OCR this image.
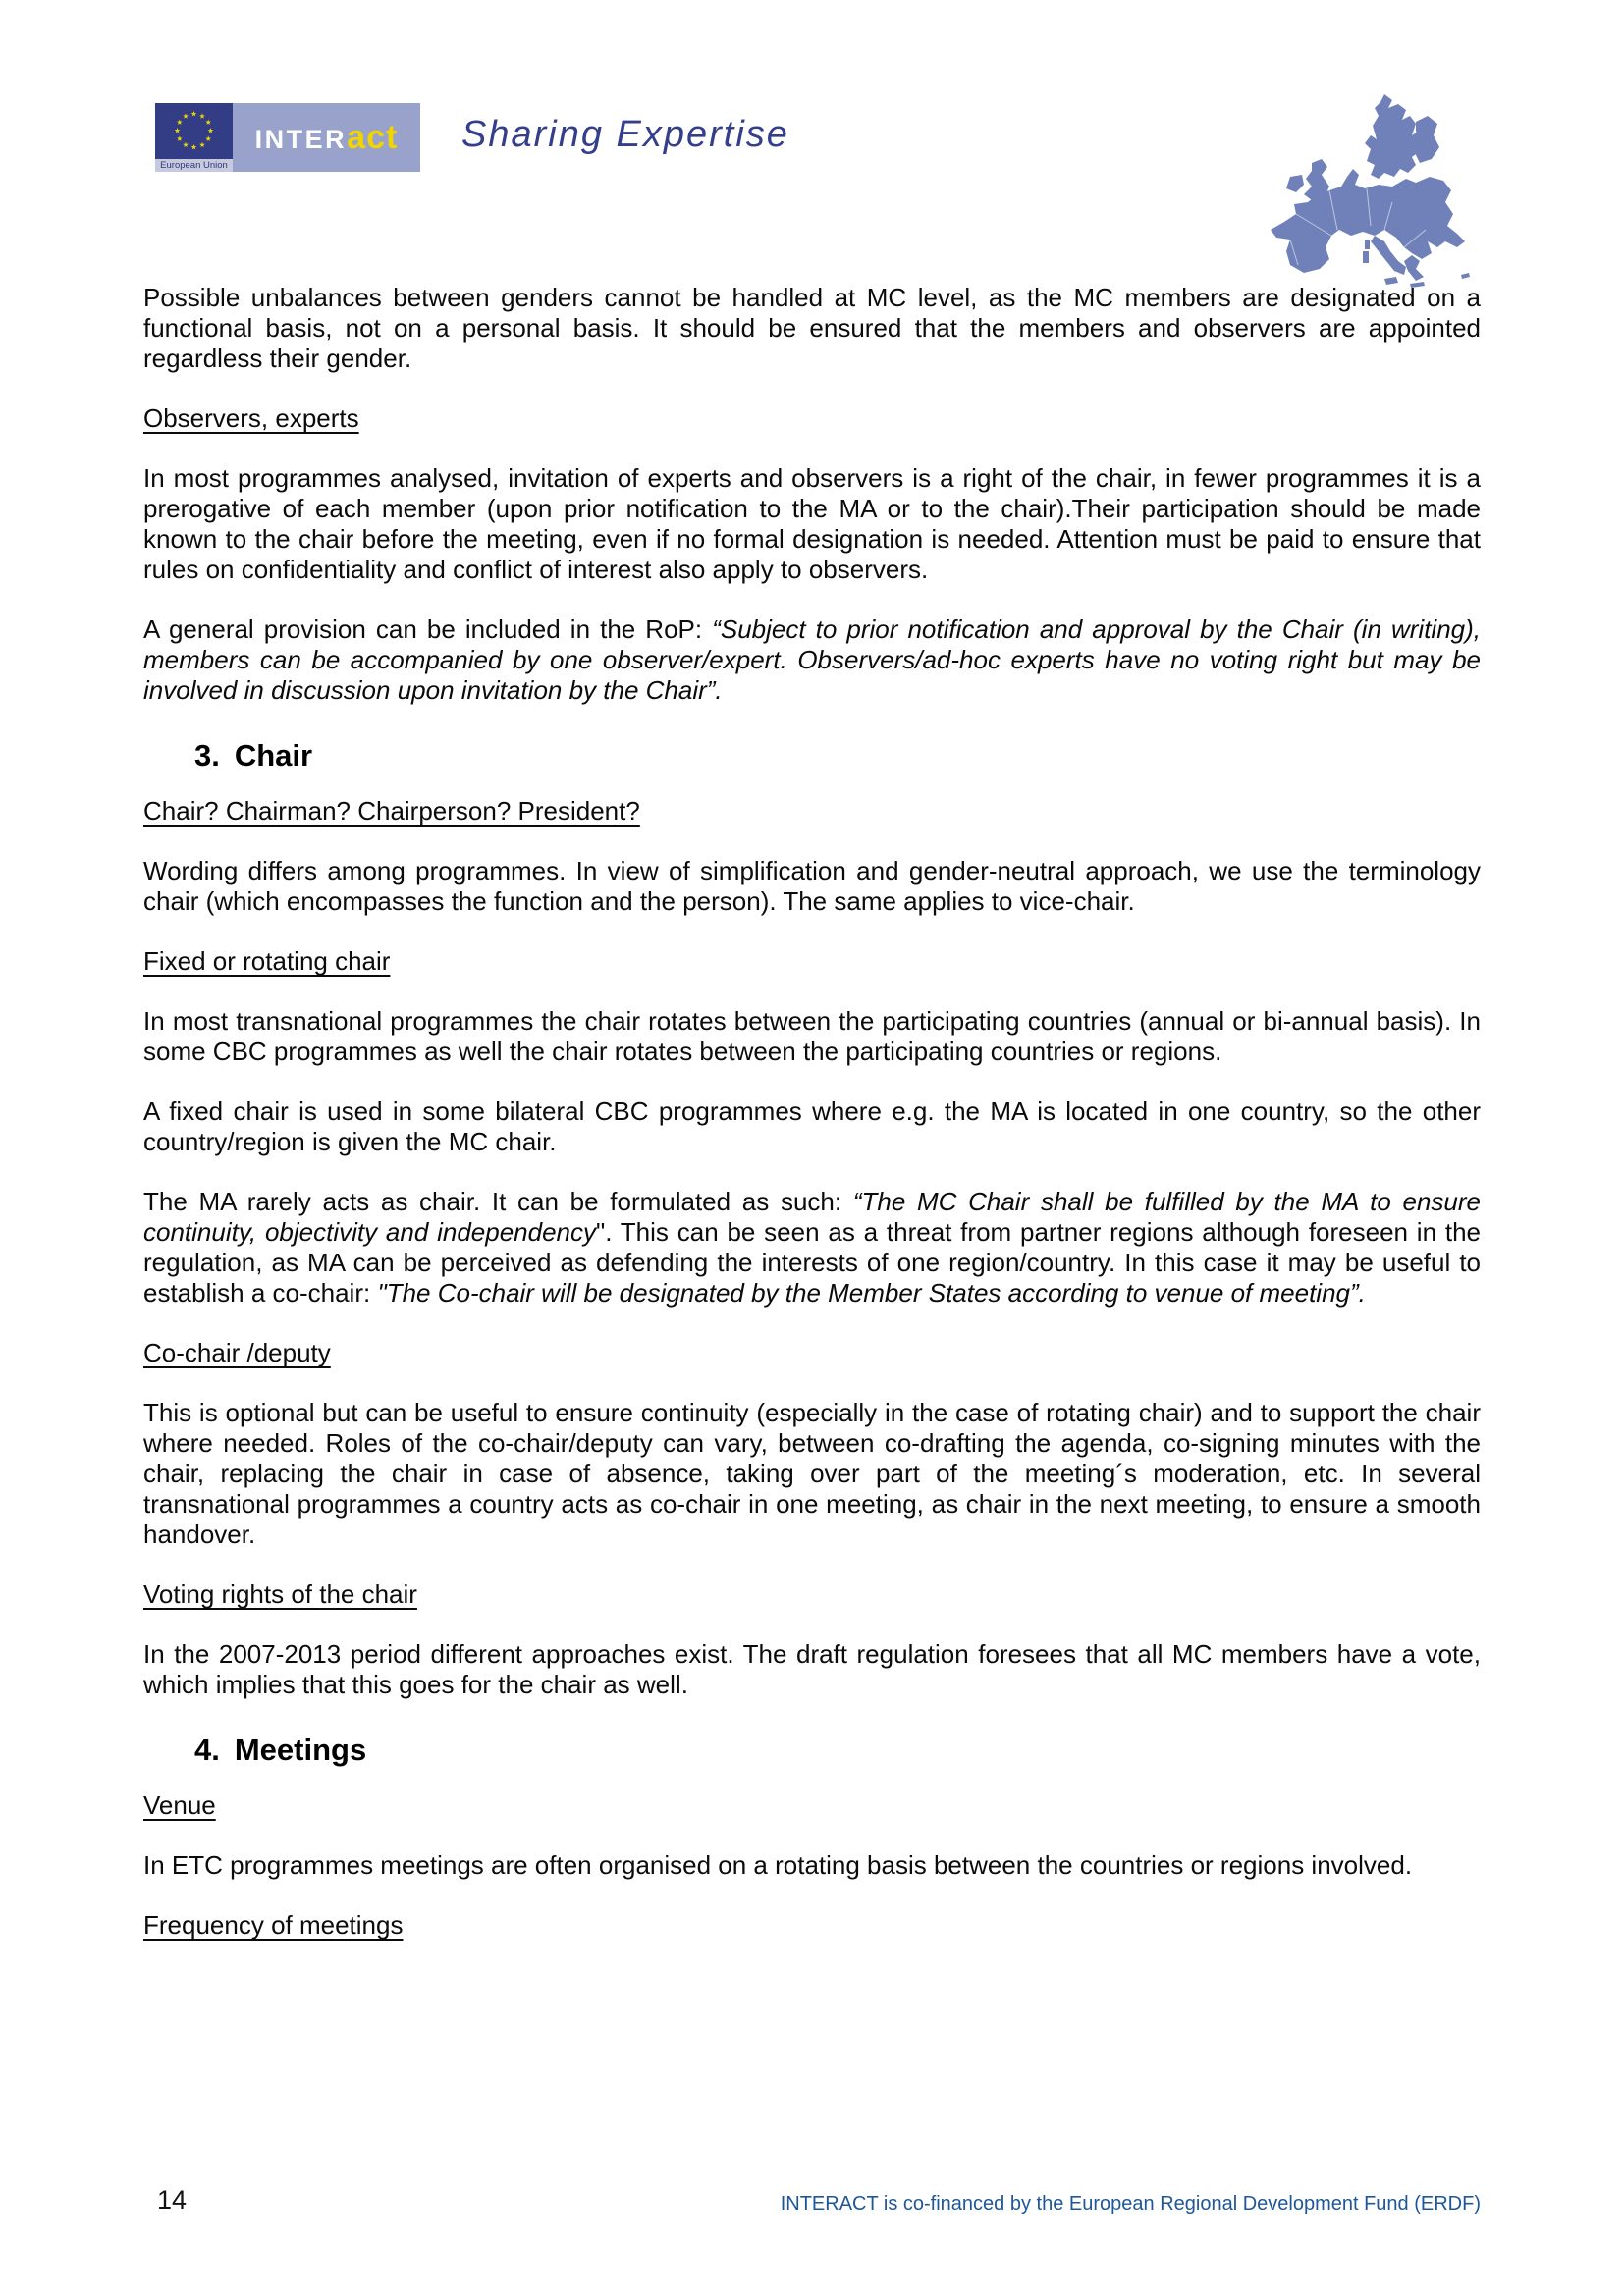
European Union
INTER act Sharing Expertise

Possible unbalances between genders cannot be handled at MC level, as the MC members are designated on a functional basis, not on a personal basis. It should be ensured that the members and observers are appointed regardless their gender.

Observers, experts

In most programmes analysed, invitation of experts and observers is a right of the chair, in fewer programmes it is a prerogative of each member (upon prior notification to the MA or to the chair).Their participation should be made known to the chair before the meeting, even if no formal designation is needed. Attention must be paid to ensure that rules on confidentiality and conflict of interest also apply to observers.

A general provision can be included in the RoP: “Subject to prior notification and approval by the Chair (in writing), members can be accompanied by one observer/expert. Observers/ad-hoc experts have no voting right but may be involved in discussion upon invitation by the Chair”.

3. Chair
Chair? Chairman? Chairperson? President?

Wording differs among programmes. In view of simplification and gender-neutral approach, we use the terminology chair (which encompasses the function and the person). The same applies to vice-chair.

Fixed or rotating chair

In most transnational programmes the chair rotates between the participating countries (annual or bi-annual basis). In some CBC programmes as well the chair rotates between the participating countries or regions.

A fixed chair is used in some bilateral CBC programmes where e.g. the MA is located in one country, so the other country/region is given the MC chair.

The MA rarely acts as chair. It can be formulated as such: “The MC Chair shall be fulfilled by the MA to ensure continuity, objectivity and independency". This can be seen as a threat from partner regions although foreseen in the regulation, as MA can be perceived as defending the interests of one region/country. In this case it may be useful to establish a co-chair: "The Co-chair will be designated by the Member States according to venue of meeting”.

Co-chair /deputy

This is optional but can be useful to ensure continuity (especially in the case of rotating chair) and to support the chair where needed. Roles of the co-chair/deputy can vary, between co-drafting the agenda, co-signing minutes with the chair, replacing the chair in case of absence, taking over part of the meeting´s moderation, etc. In several transnational programmes a country acts as co-chair in one meeting, as chair in the next meeting, to ensure a smooth handover.

Voting rights of the chair

In the 2007-2013 period different approaches exist. The draft regulation foresees that all MC members have a vote, which implies that this goes for the chair as well.

4. Meetings
Venue

In ETC programmes meetings are often organised on a rotating basis between the countries or regions involved.

Frequency of meetings
14	INTERACT is co-financed by the European Regional Development Fund (ERDF)
